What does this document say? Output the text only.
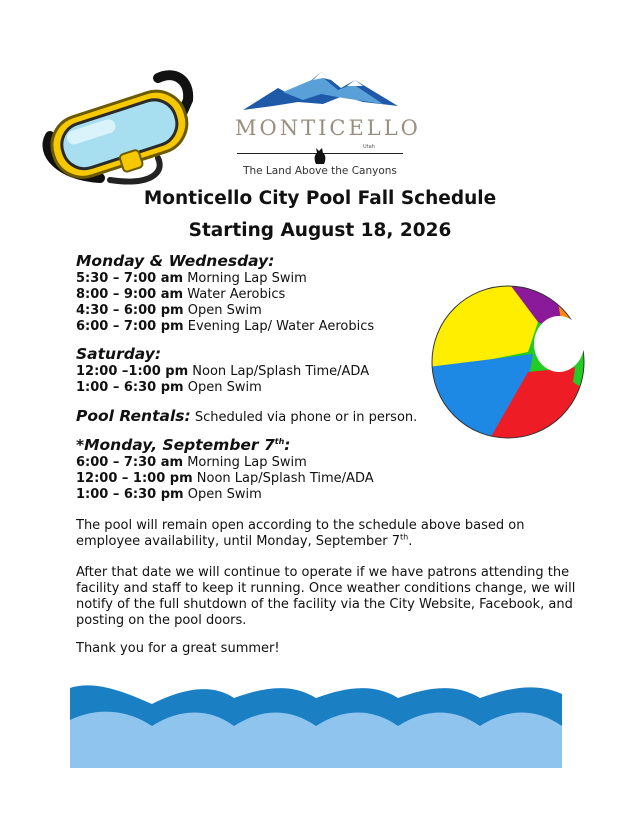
MONTICELLO
Utah
The Land Above the Canyons
Monticello City Pool Fall Schedule
Starting August 18, 2026
Monday & Wednesday:
5:30 – 7:00 am Morning Lap Swim
8:00 – 9:00 am Water Aerobics
4:30 – 6:00 pm Open Swim
6:00 – 7:00 pm Evening Lap/ Water Aerobics
Saturday:
12:00 –1:00 pm Noon Lap/Splash Time/ADA
1:00 – 6:30 pm Open Swim
Pool Rentals: Scheduled via phone or in person.
*Monday, September 7th:
6:00 – 7:30 am Morning Lap Swim
12:00 – 1:00 pm Noon Lap/Splash Time/ADA
1:00 – 6:30 pm Open Swim
The pool will remain open according to the schedule above based on employee availability, until Monday, September 7th.
After that date we will continue to operate if we have patrons attending the facility and staff to keep it running. Once weather conditions change, we will notify of the full shutdown of the facility via the City Website, Facebook, and posting on the pool doors.
Thank you for a great summer!
